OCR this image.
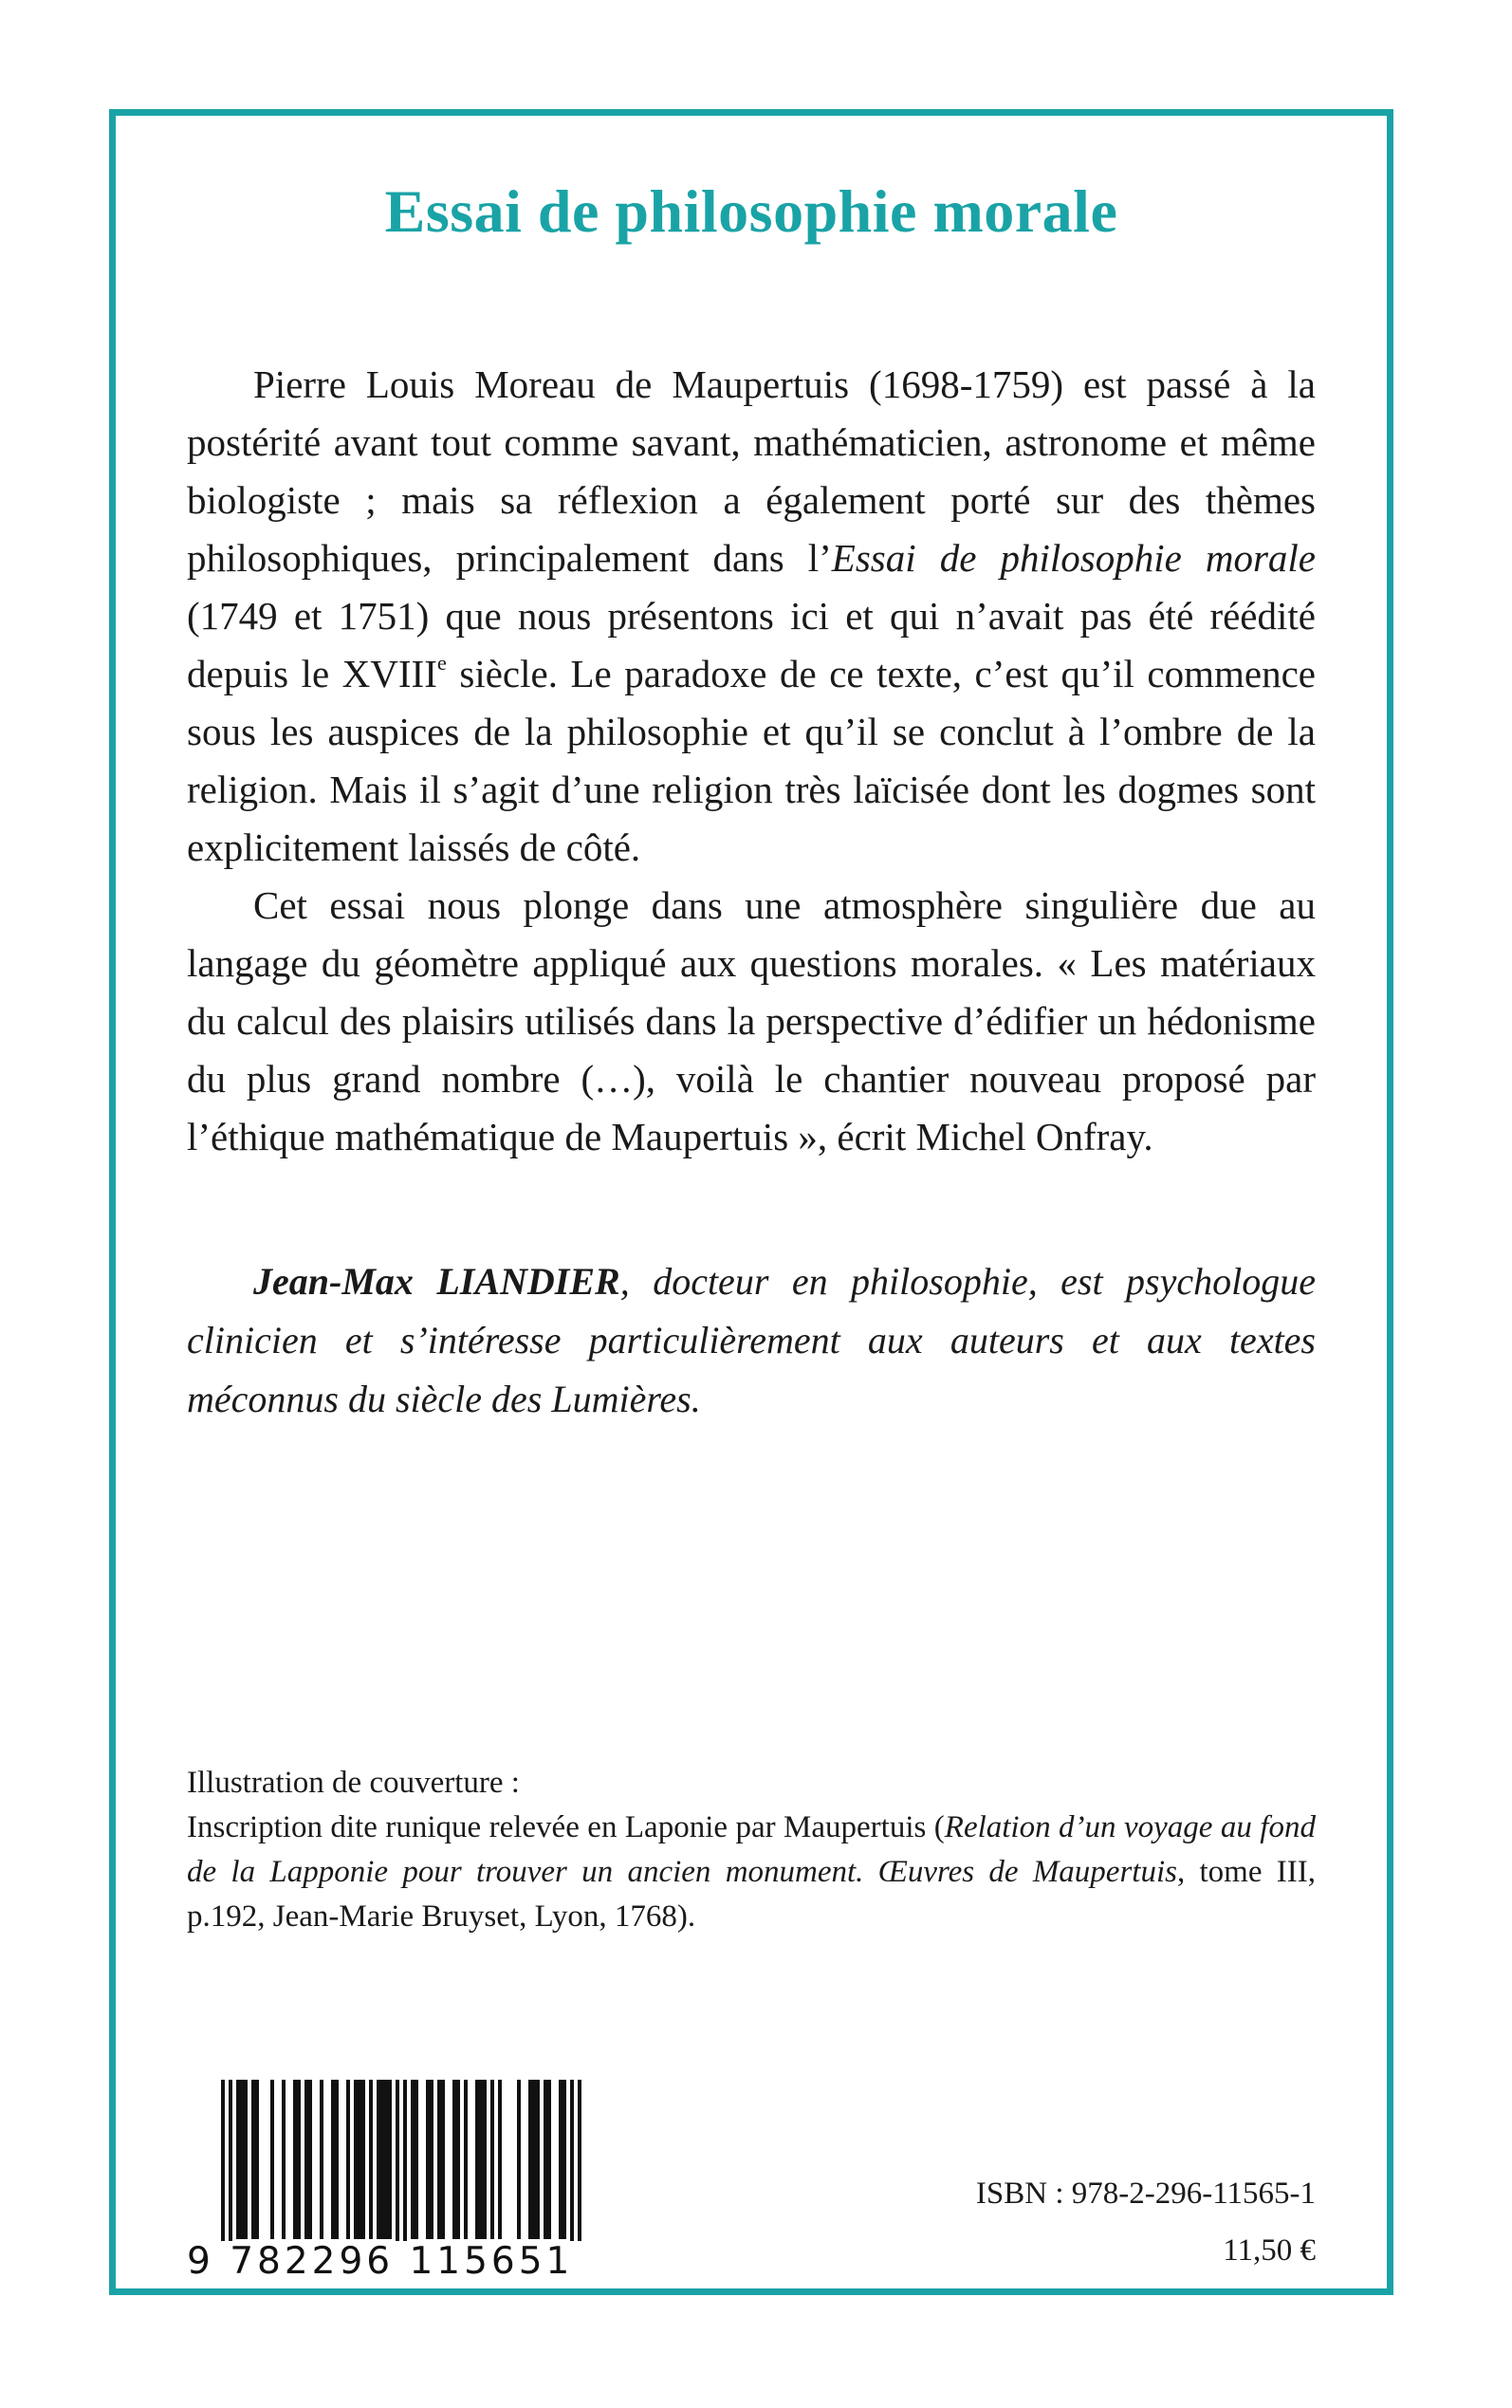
Essai de philosophie morale

Pierre Louis Moreau de Maupertuis (1698-1759) est passé à la postérité avant tout comme savant, mathématicien, astronome et même biologiste ; mais sa réflexion a également porté sur des thèmes philosophiques, principalement dans l’Essai de philosophie morale (1749 et 1751) que nous présentons ici et qui n’avait pas été réédité depuis le XVIIIe siècle. Le paradoxe de ce texte, c’est qu’il commence sous les auspices de la philosophie et qu’il se conclut à l’ombre de la religion. Mais il s’agit d’une religion très laïcisée dont les dogmes sont explicitement laissés de côté.

Cet essai nous plonge dans une atmosphère singulière due au langage du géomètre appliqué aux questions morales. « Les matériaux du calcul des plaisirs utilisés dans la perspective d’édifier un hédonisme du plus grand nombre (…), voilà le chantier nouveau proposé par l’éthique mathématique de Maupertuis », écrit Michel Onfray.

Jean-Max LIANDIER, docteur en philosophie, est psychologue clinicien et s’intéresse particulièrement aux auteurs et aux textes méconnus du siècle des Lumières.

Illustration de couverture :
Inscription dite runique relevée en Laponie par Maupertuis (Relation d’un voyage au fond de la Lapponie pour trouver un ancien monument. Œuvres de Maupertuis, tome III, p.192, Jean-Marie Bruyset, Lyon, 1768).
9 782296 115651
ISBN : 978-2-296-11565-1
11,50 €
